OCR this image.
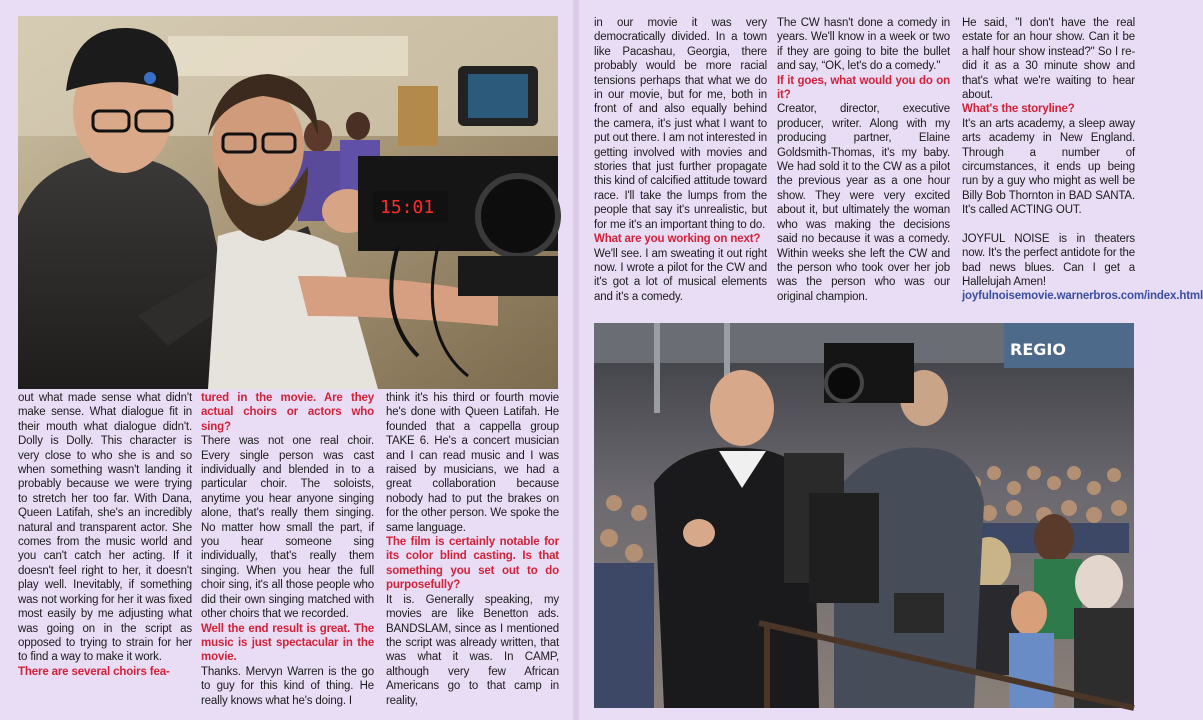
15:01

out what made sense what didn't make sense. What dialogue fit in their mouth what dialogue didn't. Dolly is Dolly. This character is very close to who she is and so when something wasn't landing it probably because we were trying to stretch her too far. With Dana, Queen Latifah, she's an incredibly natural and transparent actor. She comes from the music world and you can't catch her acting. If it doesn't feel right to her, it doesn't play well. Inevitably, if something was not working for her it was fixed most easily by me adjusting what was going on in the script as opposed to trying to strain for her to find a way to make it work.

There are several choirs fea-

tured in the movie. Are they actual choirs or actors who sing?

There was not one real choir. Every single person was cast individually and blended in to a particular choir. The soloists, anytime you hear anyone singing alone, that's really them singing. No matter how small the part, if you hear someone sing individually, that's really them singing. When you hear the full choir sing, it's all those people who did their own singing matched with other choirs that we recorded.

Well the end result is great. The music is just spectacular in the movie.

Thanks. Mervyn Warren is the go to guy for this kind of thing. He really knows what he's doing. I

think it's his third or fourth movie he's done with Queen Latifah. He founded that a cappella group TAKE 6. He's a concert musician and I can read music and I was raised by musicians, we had a great collaboration because nobody had to put the brakes on for the other person. We spoke the same language.

The film is certainly notable for its color blind casting. Is that something you set out to do purposefully?

It is. Generally speaking, my movies are like Benetton ads. BANDSLAM, since as I mentioned the script was already written, that was what it was. In CAMP, although very few African Americans go to that camp in reality,

in our movie it was very democratically divided. In a town like Pacashau, Georgia, there probably would be more racial tensions perhaps that what we do in our movie, but for me, both in front of and also equally behind the camera, it's just what I want to put out there. I am not interested in getting involved with movies and stories that just further propagate this kind of calcified attitude toward race. I'll take the lumps from the people that say it's unrealistic, but for me it's an important thing to do.

What are you working on next?

We'll see. I am sweating it out right now. I wrote a pilot for the CW and it's got a lot of musical elements and it's a comedy.

The CW hasn't done a comedy in years. We'll know in a week or two if they are going to bite the bullet and say, “OK, let's do a comedy."

If it goes, what would you do on it?

Creator, director, executive producer, writer. Along with my producing partner, Elaine Goldsmith-Thomas, it's my baby. We had sold it to the CW as a pilot the previous year as a one hour show. They were very excited about it, but ultimately the woman who was making the decisions said no because it was a comedy. Within weeks she left the CW and the person who took over her job was the person who was our original champion.

He said, "I don't have the real estate for an hour show. Can it be a half hour show instead?" So I re-did it as a 30 minute show and that's what we're waiting to hear about.

What's the storyline?

It's an arts academy, a sleep away arts academy in New England. Through a number of circumstances, it ends up being run by a guy who might as well be Billy Bob Thornton in BAD SANTA. It's called ACTING OUT.

JOYFUL NOISE is in theaters now. It's the perfect antidote for the bad news blues. Can I get a Hallelujah Amen!

joyfulnoisemovie.warnerbros.com/index.html

REGIO
